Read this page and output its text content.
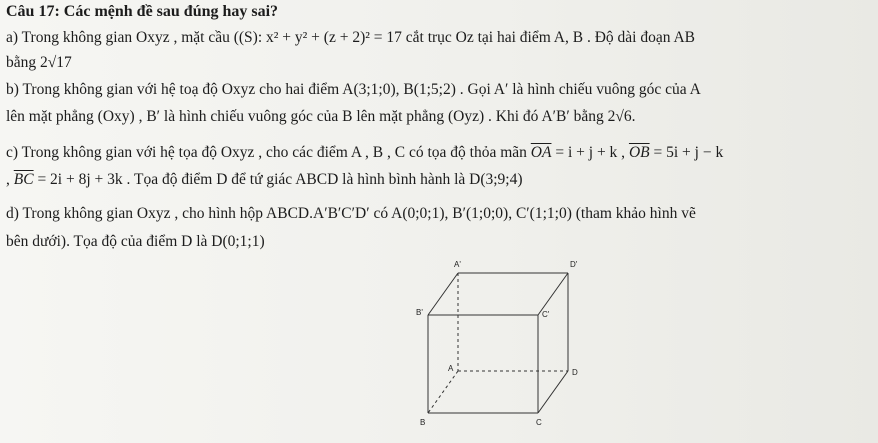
Câu 17: Các mệnh đề sau đúng hay sai?
a) Trong không gian Oxyz , mặt cầu ((S): x² + y² + (z + 2)² = 17 cắt trục Oz tại hai điểm A, B . Độ dài đoạn AB
bằng 2√17
b) Trong không gian với hệ toạ độ Oxyz cho hai điểm A(3;1;0), B(1;5;2) . Gọi A′ là hình chiếu vuông góc của A
lên mặt phẳng (Oxy) , B′ là hình chiếu vuông góc của B lên mặt phẳng (Oyz) . Khi đó A′B′ bằng 2√6.
c) Trong không gian với hệ tọa độ Oxyz , cho các điểm A , B , C có tọa độ thỏa mãn $\overline{OA} = i + j + k$ , $\overline{OB} = 5i + j - k$
, $\overline{BC} = 2i + 8j + 3k$ . Tọa độ điểm D để tứ giác ABCD là hình bình hành là D(3;9;4)
d) Trong không gian Oxyz , cho hình hộp ABCD.A′B′C′D′ có A(0;0;1), B′(1;0;0), C′(1;1;0) (tham khảo hình vẽ
bên dưới). Tọa độ của điểm D là D(0;1;1)
A'	D'
B'	C'
A	D
B	C
